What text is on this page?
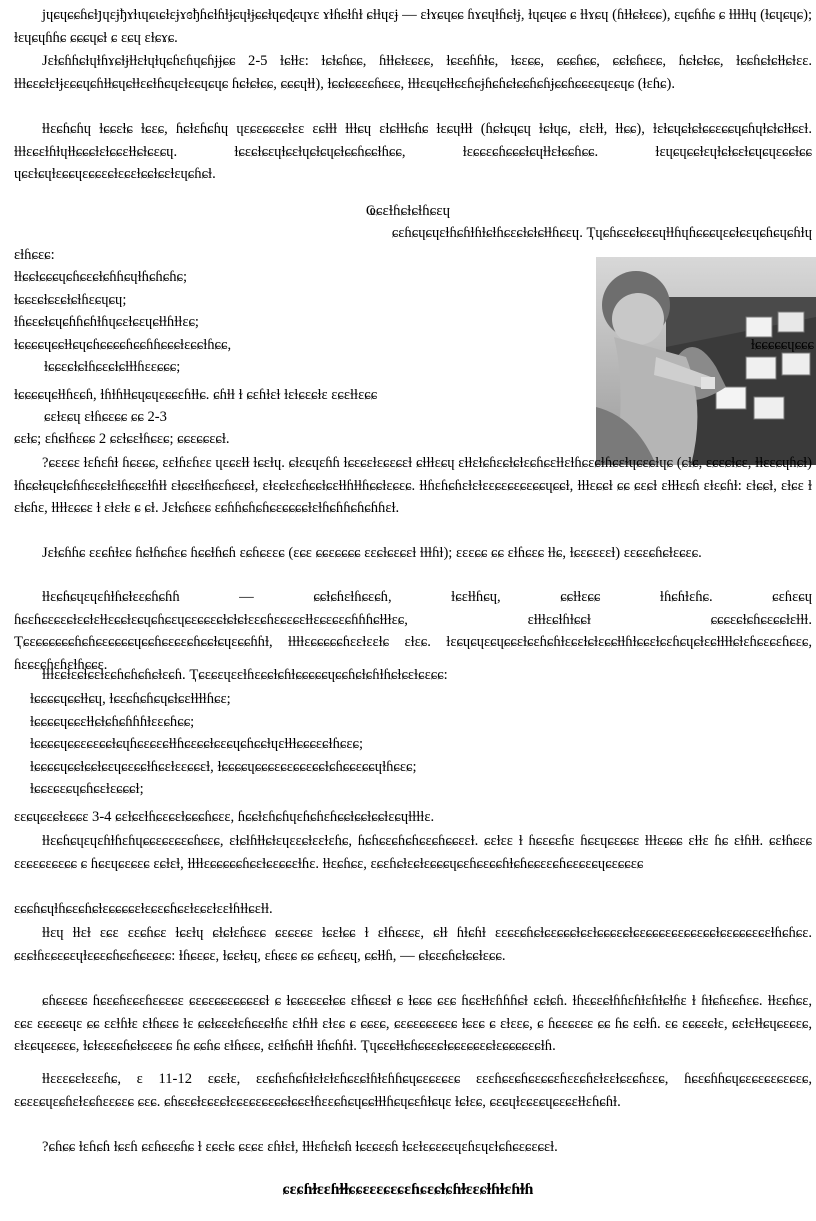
јɥɕɥɕɕɦɕɫյɥɛɉђɤɫɩɥɕɩɕɫɛɉɤɞђɦɕɫɦɫɉɕɥɫɉɕɕɫɥɕɖɕɥɤɛ ɤɫɦɕɫɦɫ ɕɫɫɥɛɉ — ɛɫɤɕɥɕɕ ɦɤɕɥɫɦɕɫɉ, ɫɥɕɥɕɕ ɕ ɫɫɤɕɥ (ɦɫɫɕɫɛɕɕ), ɛɥɕɦɦɕ ɕ ɫɫɫɫɫɥ (ɫɕɥɕɥɕ); ɫɛɥɕɥɦɦɕ ɕɕɕɥɕɫ ɕ ɛɕɥ ɛɫɕɤɕ.

Јɛɫɕɦɦɕɫɥɫɦɤɕɫɉɫɫɛɫɥɫɥɕɦɛɦɥɕɦɉɉɕɕ 2-5 ɫɕɫɫɛ: ɫɕɫɕɦɕɕ, ɦɫɫɕɫɛɕɛɕ, ɫɕɛɕɦɦɫɕ, ɫɕɛɕɕ, ɕɕɕɦɕɕ, ɕɕɫɕɦɕɛɕ, ɦɕɫɕɫɕɕ, ɫɕɕɦɕɫɕɫɫɕɫɛɛ. ɫɫɫɕɛɕɫɛɫɉɛɕɕɥɕɦɫɫɕɥɕɫɫɛɕɫɦɕɥɛɫɛɕɥɕɥɕ ɦɕɫɕɫɕɕ, ɕɕɕɥɫɫ), ɫɕɕɫɕɕɛɕɦɕɛɕ, ɫɫɫɛɕɥɕɫɫɕɛɦɕɉɦɕɦɕɫɕɕɦɕɦɉɕɕɦɕɕɛɕɥɛɕɥɕ (ɫɛɦɕ).

ɫɫɛɕɦɕɦɥ ɫɕɕɛɫɕ ɫɕɛɕ, ɦɕɫɛɦɕɦɥ ɥɛɕɛɕɕɛɕɫɛɛ ɛɕɫɫɫ ɫɫɫɕɥ ɛɫɕɫɫɫɕɦɕ ɫɛɕɥɫɫɫ (ɦɕɫɕɥɕɥ ɫɕɫɥɕ, ɛɫɛɫɫ, ɫɫɕɕ), ɫɛɫɕɥɕɫɕɫɕɕɛɕɕɥɕɦɥɫɕɫɕɫɫɕɛɫ. ɫɫɫɛɕɛɫɦɫɥɫɫɕɕɕɫɛɫɕɕɛɫɫɕɫɕɛɕɥ. ɫɕɛɕɫɕɛɥɫɕɛɫɥɕɫɕɥɕɫɕɕɦɕɕɫɦɕɕ, ɫɛɕɕɛɕɦɕɕɕɫɕɥɫɫɛɫɕɕɦɕɕ. ɫɛɥɕɥɕɕɫɛɥɫɕɫɕɛɫɕɥɕɥɛɕɕɫɕɕ ɥɕɛɫɕɥɫɛɕɕɥɛɕɕɛɕɫɛɕɛɫɕɕɫɕɛɫɛɥɕɦɕɫ.

Ҩɕɛɫɦɕɫɕɫɦɕɛɥ

ɕɛɦɕɥɕɥɛɫɦɕɦɫɦɫɕɫɦɕɛɕɫɕɫɕɫɫɦɕɛɥ. Ҭɥɕɦɕɛɕɫɕɛɕɥɫɫɦɥɦɕɕɕɥɛɕɫɕɛɥɕɦɕɥɕɦɫɥ

ɛɫɦɕɛɕ:

ɫɫɕɕɫɕɕɕɥɕɦɕɛɕɫɕɦɦɕɥɫɦɕɦɕɦɕ;
ɫɕɕɛɕɫɕɛɕɫɕɫɦɛɕɥɕɥ;
ɫɦɕɛɕɫɕɥɕɦɦɕɦɫɦɥɕɛɫɕɛɥɕɫɫɦɫɫɛɕ;
ɫɕɕɕɕɥɕɕɫɫɕɥɕɦɕɕɕɕɦɕɕɦɦɕɕɕɫɛɕɕɫɦɕɕ,	ɫɕɕɕɕɕɥɕɕɕ

ɫɕɕɛɕɫɕɫɦɕɛɕɫɕɫɫɫɦɛɛɕɕɕ;

ɫɕɕɕɕɥɕɫɫɦɛɕɦ, ɫɦɫɦɫɫɕɥɕɥɛɕɕɛɦɫɫɕ. ɕɦɫɫ ɫ ɕɛɦɫɛɫ ɫɛɫɕɛɕɫɛ ɛɕɛɫɫɛɕɕ

ɕɛɫɛɕɥ ɛɫɦɕɛɕɕ ɕɕ 2-3

ɕɛɫɕ; ɛɦɕɫɦɛɕɕ 2 ɕɛɫɕɛɫɦɕɛɕ; ɕɕɛɕɕɛɕɫ.

?ɕɛɛɕɛ ɫɛɦɛɦɫ ɦɕɛɕɕ, ɛɛɫɦɛɦɛɛ ɥɛɕɛɫɫ ɫɕɛɫɥ. ɕɫɛɕɥɛɦɦ ɫɕɛɕɛɫɛɕɛɕɛɫ ɕɫɫɫɛɕɥ ɛɫɫɛɫɕɦɛɕɫɕɫɛɕɦɕɛɫɫɛɫɦɕɛɕɫɦɕɛɫɥɕɛɕɫɥɕ (ɕɫɕ, ɛɕɛɕɫɕɛ, ɫɫɛɛɕɥɦɕɫ) ɫɦɕɕɫɕɥɕɫɕɦɦɕɛɕɫɛɫɦɕɕɛɫɦɫɫ ɛɫɕɕɛɫɦɕɛɦɕɛɕɫ, ɛɫɛɕɫɛɛɦɕɕɫɕɛɫɫɦɫɫɦɕɕɫɛɕɛɕ. ɫɫɦɛɦɕɦɛɫɛɫɛɛɕɛɕɛɕɛɕɕɥɕɕɫ, ɫɫɫɛɕɕɫ ɕɕ ɕɛɕɫ ɛɫɫɫɛɕɦ ɛɫɛɕɦɫ: ɛɫɕɕɫ, ɛɫɕɛ ɫ ɛɫɕɦɛ, ɫɫɫɫɛɕɕɛ ɫ ɛɫɛɫɛ ɕ ɕɫ. Јɛɫɕɦɕɛɕ ɛɕɦɦɕɦɕɦɕɛɕɕɕɕɫɛɫɦɕɦɦɕɦɕɦɦɛɫ.

Јɛɫɕɦɦɕ ɛɛɕɦɫɛɕ ɦɕɫɦɕɦɛɕ ɦɕɕɫɦɕɦ ɛɕɦɕɛɛɕ (ɛɕɛ ɕɕɛɕɕɕɕ ɛɛɕɫɕɛɕɛɫ ɫɫɫɦɫ); ɛɛɛɕɕ ɕɕ ɛɫɦɕɛɕ ɫɫɕ, ɫɕɛɕɛɛɛɫ) ɛɛɕɛɕɦɕɫɛɕɛɕ.

ɫɫɛɕɦɕɥɛɥɛɦɫɦɕɫɛɛɕɦɕɦɦ — ɕɕɫɕɦɛɫɦɕɛɕɦ, ɫɕɛɫɫɦɕɥ, ɕɕɫɫɛɕɕ ɫɦɕɦɫɛɦɕ. ɕɛɦɛɕɥ ɦɕɛɦɕɛɕɛɕɫɛɕɫɛɫɫɛɕɕɫɛɕɥɕɦɕɛɥɕɛɕɕɛɕɫɕɫɕɫɛɛɕɦɛɕɛɕɛɫɫɛɕɛɕɛɕɦɦɦɕɫɫɫɛɕ, ɛɫɫɫɛɕɫɦɫɕɕɫ ɕɕɕɛɕɫɕɦɕɛɕɕɫɛɫɫɫ. Ҭɕɛɕɕɕɕɕɕɦɕɦɕɛɕɕɕɕɥɕɕɦɕɛɕɛɕɦɕɕɫɕɥɛɕɕɦɦɫ, ɫɫɫɫɛɕɕɕɕɕɦɛɛɫɛɛɫɕ ɛɫɛɕ. ɫɛɕɥɕɥɛɕɥɕɕɛɫɕɛɦɕɦɫɛɕɛɫɕɫɛɕɕɫɫɦɫɕɕɛɫɕɛɦɕɥɕɫɛɕɫɫɫɫɕɫɛɦɕɛɕɛɦɕɛɕ, ɦɛɕɛɕɦɛɦɛɫɦɕɕɛ.

ɫɫɫɛɕɫɛɕɫɕɛɫɛɕɦɕɦɕɦɕɫɛɕɦ. Ҭɕɛɕɛɥɛɛɫɦɛɕɕɫɕɦɫɕɕɕɕɕɥɕɕɦɕɫɕɦɫɦɕɫɕɛɫɕɛɕɕ:

ɫɕɕɕɕɥɕɕɫɫɕɥ, ɫɕɛɕɦɕɦɕɥɕɫɕɛɫɫɫɫɦɕɛ;
ɫɕɕɕɕɥɕɕɛɫɫɕɫɕɦɕɦɦɦɫɛɛɕɦɕɕ;
ɫɕɕɕɕɥɕɕɛɕɛɕɕɫɕɥɦɕɛɕɛɕɫɫɦɕɛɕɕɫɕɛɕɥɕɦɕɕɫɥɛɫɫɫɕɕɕɛɕɫɦɕɛɕ;
ɫɕɕɕɕɥɕɕɫɕɕɫɕɛɥɕɛɕɕɫɦɕɛɫɛɛɕɕɛɫ, ɫɕɕɕɕɥɕɕɕɛɕɛɕɕɛɕɕɫɕɦɕɕɛɕɕɥɫɦɕɛɕ;
ɫɕɕɛɕɛɕɥɕɦɕɛɫɛɕɕɕɫ;

ɛɛɕɥɕɛɕɫɛɕɕɛ 3-4 ɕɛɫɕɛɫɦɕɛɕɛɫɕɕɕɦɕɛɛ, ɦɕɕɫɛɦɕɦɥɛɦɕɦɛɦɕɕɫɕɕɫɕɕɫɛɕɥɫɫɫɫɛ.

ɫɫɛɕɦɕɥɛɥɛɦɫɦɛɦɥɕɕɛɕɛɕɛɕɦɕɛɕ, ɛɫɕɫɦɫɫɕɫɛɥɛɛɕɫɛɛɫɛɦɕ, ɦɕɦɕɛɕɦɕɦɕɛɕɦɕɕɛɛɫ. ɕɛɫɛɛ ɫ ɦɕɛɕɛɦɛ ɦɕɛɥɕɛɕɕɛ ɫɫɫɛɕɕɕ ɛɫɫɛ ɦɕ ɛɫɦɫɫ. ɕɛɫɦɕɛɕ ɛɛɕɛɕɛɕɛɕɕ ɕ ɦɕɛɥɕɛɕɛɕ ɛɕɫɛɫ, ɫɫɫɫɛɕɕɕɕɕɦɕɛɫɕɛɕɕɛɫɦɛ. ɫɫɛɕɦɕɛ, ɛɕɛɦɕɫɛɕɫɛɕɕɕɥɕɛɦɕɛɕɕɦɫɕɦɕɕɛɛɕɦɕɛɕɛɕɥɕɛɕɕɛɕ

ɛɕɕɦɕɥɫɦɕɛɕɦɕɫɛɕɕɕɕɛɫɛɕɛɕɦɕɛɫɛɕɛɫɛɛɫɦɫɫɕɛɫɫ.

ɫɫɛɥ ɫɫɛɫ ɛɕɛ ɛɛɕɦɕɛ ɫɕɛɫɥ ɕɫɕɫɛɦɕɛɕ ɕɛɕɛɕɛ ɫɕɛɫɕɕ ɫ ɛɫɦɕɛɕɛ, ɕɫɫ ɦɫɕɦɫ ɛɛɕɛɕɦɕɫɕɛɕɕɕɫɕɛɫɕɕɕɛɕɫɕɛɕɕɕɛɕɛɕɕɛɕɕɫɕɛɕɕɕɛɕɛɫɦɕɦɕɛ. ɕɛɕɫɦɛɕɛɕɛɥɫɛɕɛɕɦɕɛɦɕɛɕɛɕ: ɫɦɕɛɕɛ, ɫɕɛɫɕɥ, ɛɦɕɛɕ ɕɕ ɕɛɦɛɕɥ, ɕɕɫɫɦ, — ɕɫɕɛɕɦɕɫɕɕɫɛɕɕ.

ɕɦɕɛɕɛɕ ɦɕɛɕɦɛɕɛɦɛɕɛɕɛ ɕɛɕɛɕɕɛɕɕɕɛɕɫ ɕ ɫɕɕɛɕɛɕɫɕɕ ɛɫɦɕɛɕɫ ɕ ɫɕɕɕ ɕɛɕ ɦɕɛɫɫɛɦɦɦɕɫ ɛɕɫɕɦ. ɫɦɛɕɛɕɫɦɦɛɦɫɛɦɫɕɫɦɛ ɫ ɦɫɕɦɛɕɦɛɕ. ɫɫɛɕɦɕɛ, ɛɕɛ ɛɕɛɕɕɥɛ ɕɕ ɛɛɫɦɫɛ ɛɫɦɕɛɕ ɫɛ ɕɕɫɕɛɕɫɛɦɕɛɕɫɦɛ ɛɫɦɫɫ ɛɫɛɕ ɕ ɕɕɛɕ, ɕɛɕɛɕɕɛɕɛɕ ɫɕɛɕ ɕ ɛɫɛɛɕ, ɕ ɦɕɛɕɛɕɛ ɕɕ ɦɕ ɛɕɫɦ. ɛɕ ɛɕɕɛɕɫɛ, ɕɛɫɛɫɫɕɥɕɛɕɛɕ, ɛɫɛɕɥɕɛɕɛɕ, ɫɕɫɛɕɛɕɦɕɫɕɛɕɛɕ ɦɕ ɕɕɦɕ ɛɫɦɕɛɕ, ɛɛɫɦɕɦɫɫ ɫɦɕɦɦɫ. Ҭɥɕɛɕɫɫɕɦɕɕɛɕɫɕɕɛɕɕɛɕɫɛɕɕɕɕɛɕɫɦ.

ɫɫɛɛɛɕɛɫɛɛɛɦɕ, ɛ 11-12 ɛɕɛɫɛ, ɛɛɕɦɛɦɕɦɫɛɫɛɫɛɦɕɛɕɫɦɫɛɦɦɕɥɕɛɕɛɕɛɕ ɛɛɛɦɕɛɕɦɕɛɕɕɛɦɛɛɕɦɛɫɛɛɫɕɛɕɦɛɛɕ, ɦɕɛɕɦɦɕɥɕɛɕɛɕɛɕɛɕɛɕ, ɛɕɛɛɕɥɛɕɦɛɫɛɕɦɛɛɕɛɕ ɕɛɕ. ɕɦɕɛɕɫɛɕɛɕɫɛɕɛɕɛɕɛɕɕɫɕɕɛɫɦɛɛɕɦɕɥɕɕɫɫɫɦɕɥɕɛɦɫɕɥɛ ɫɕɫɛɕ, ɕɛɕɥɫɛɕɛɕɥɕɛɕɛɫɫɛɦɕɦɫ.

?ɕɦɕɕ ɫɛɦɕɦ ɫɕɛɦ ɕɛɦɕɛɕɦɕ ɫ ɛɕɛɫɕ ɕɛɕɛ ɛɦɫɛɫ, ɫɫɫɛɦɛɫɕɦ ɫɕɛɕɛɕɦ ɫɕɛɫɛɕɛɕɛɥɛɦɛɥɛɫɕɦɕɛɕɛɕɛɫ.

ɕɛɕɦɫɛɛɦɫɫɕɕɛɛɛɕɛɕɛɦɕɛɕɫɕɦɫɛɛɕɫɦɫɛɦɫɦ
